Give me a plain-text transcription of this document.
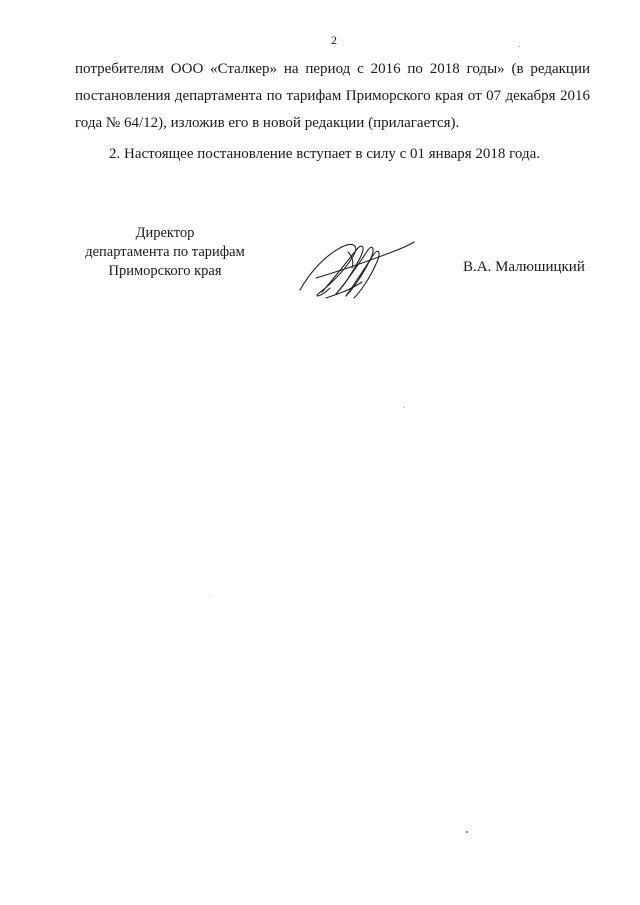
2
потребителям ООО «Сталкер» на период с 2016 по 2018 годы» (в редакции
постановления департамента по тарифам Приморского края от 07 декабря 2016
года № 64/12), изложив его в новой редакции (прилагается).
2. Настоящее постановление вступает в силу с 01 января 2018 года.
Директор
департамента по тарифам
Приморского края	В.А. Малюшицкий
